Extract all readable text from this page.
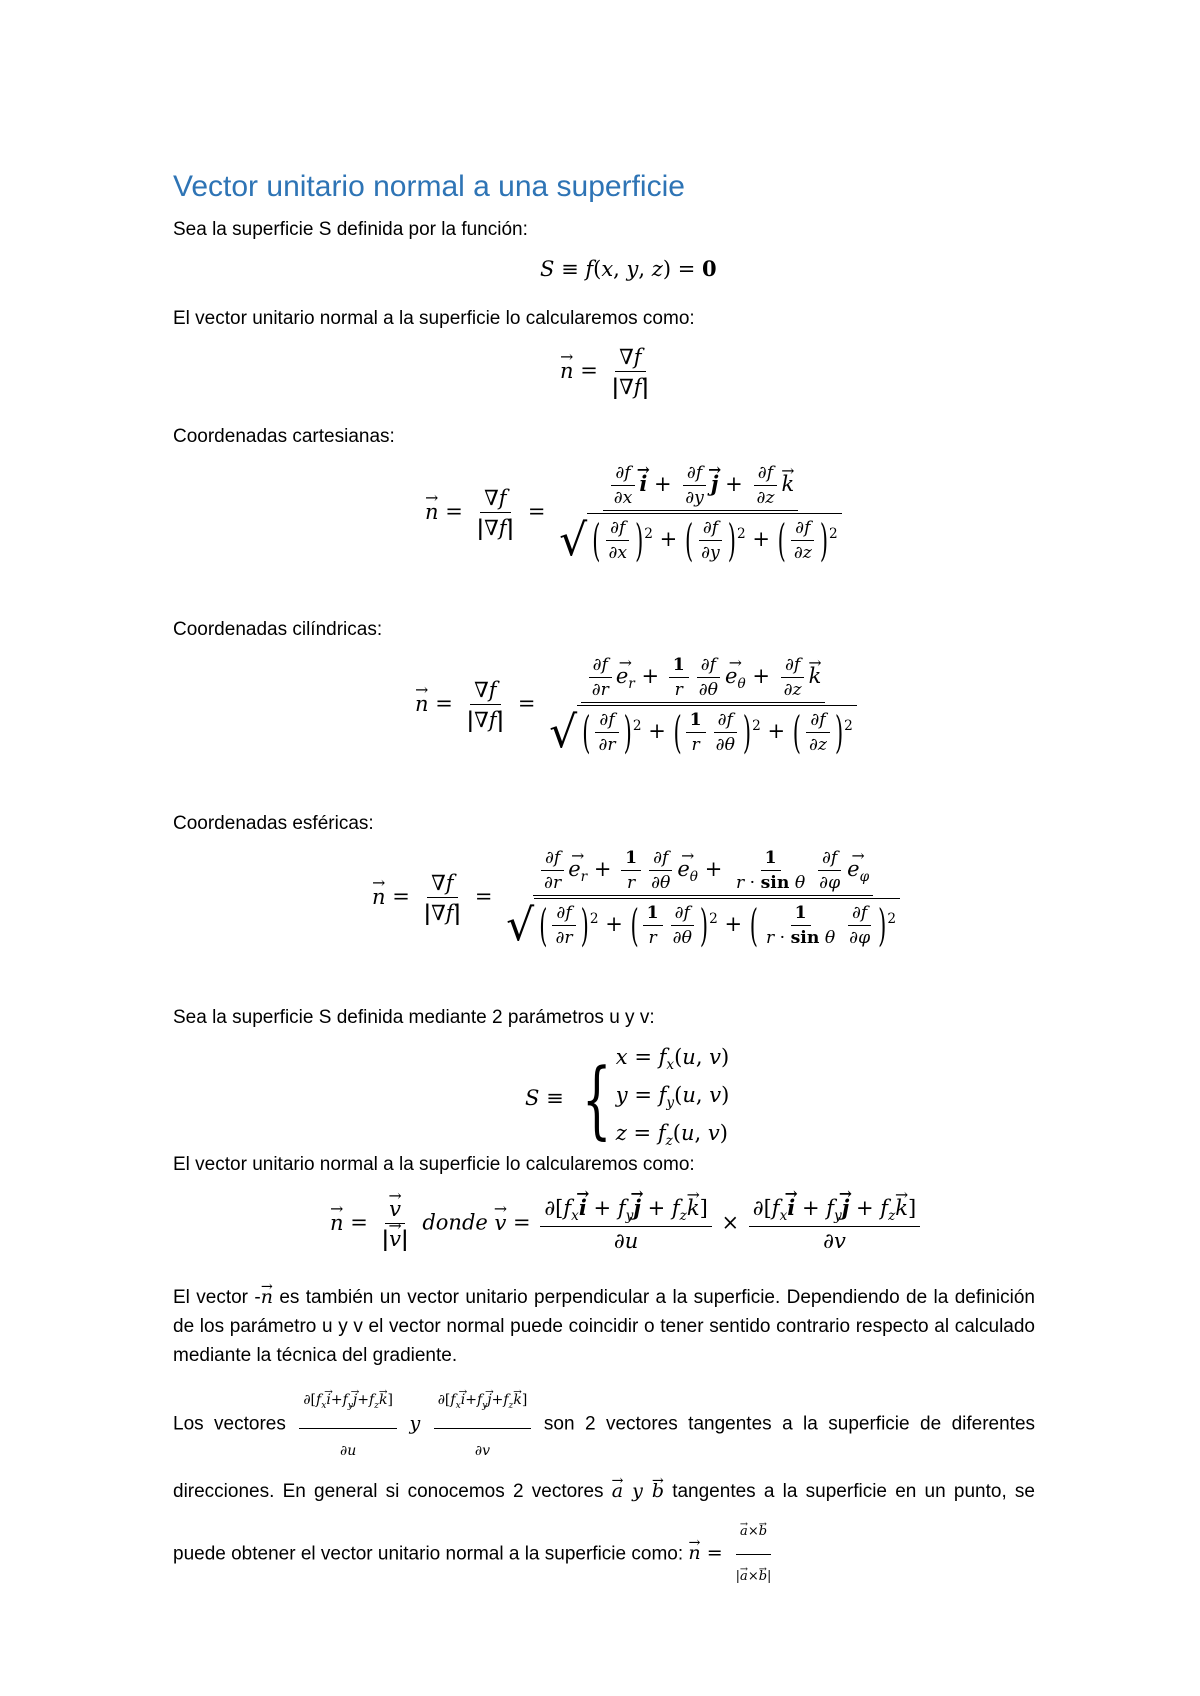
Vector unitario normal a una superficie
Sea la superficie S definida por la función:
S ≡ f(x, y, z) = 0
El vector unitario normal a la superficie lo calcularemos como:
n → = $\frac{\nabla f}{|\nabla f|}$
Coordenadas cartesianas:
n → = $\frac{\nabla f}{|\nabla f|} = \frac{\frac{\partial f}{\partial x} i \to + \frac{\partial f}{\partial y} j \to + \frac{\partial f}{\partial z} k \to}{√ ( \frac{\partial f}{\partial x} )^2 + ( \frac{\partial f}{\partial y} )^2 + ( \frac{\partial f}{\partial z} )^2}$
Coordenadas cilíndricas:
n → = $\frac{\nabla f}{|\nabla f|}$ =
$\frac{\partial f}{\partial r} e_r$ → + $\frac{1}{r} \frac{\partial f}{\partial\theta} e_\theta$ → + $\frac{\partial f}{\partial z}$ k →
√ ( $\frac{\partial f}{\partial r} )^2$ + ( $\frac{1}{r} \frac{\partial f}{\partial\theta} )^2$ + ( $\frac{\partial f}{\partial z} )^2$
Coordenadas esféricas:
n → = $\frac{\nabla f}{|\nabla f|}$ =
$\frac{\partial f}{\partial r} e_r$ → + $\frac{1}{r} \frac{\partial f}{\partial\theta} e_\theta$ → + $\frac{1}{\text{r · sin θ}} \frac{\partial f}{\partial\varphi} e_\varphi$ →
√ ( $\frac{\partial f}{\partial r} )^2$ + ( $\frac{1}{r} \frac{\partial f}{\partial\theta} )^2$ + ( $\frac{1}{\text{r · sin θ}} \frac{\partial f}{\partial\varphi} )^2$
Sea la superficie S definida mediante 2 parámetros u y v:
S ≡ { $x = f_x(u$, v)
$y = f_y(u$, v)
$z = f_z(u$, v)
El vector unitario normal a la superficie lo calcularemos como:
n → = $\frac{v \to}{|v \to|}$ donde v → = $\frac{\partial[f_xi \to + f_yj \to + f_zk \to]}{\partial u} \times \frac{\partial[f_xi \to + f_yj \to + f_zk \to]}{\partial v}$
El vector -n → es también un vector unitario perpendicular a la superficie. Dependiendo de la definición de los parámetro u y v el vector normal puede coincidir o tener sentido contrario respecto al calculado mediante la técnica del gradiente.
Los vectores $\frac{\partial[f_xi \to+f_yj \to+f_zk \to]}{\partial u}$ y $\frac{\partial[f_xi \to+f_yj \to+f_zk \to]}{\partial v}$ son 2 vectores tangentes a la superficie de diferentes direcciones. En general si conocemos 2 vectores a → y b → tangentes a la superficie en un punto, se puede obtener el vector unitario normal a la superficie como: n → = $\frac{a \to\times b \to}{|a \to\times b \to|}$
